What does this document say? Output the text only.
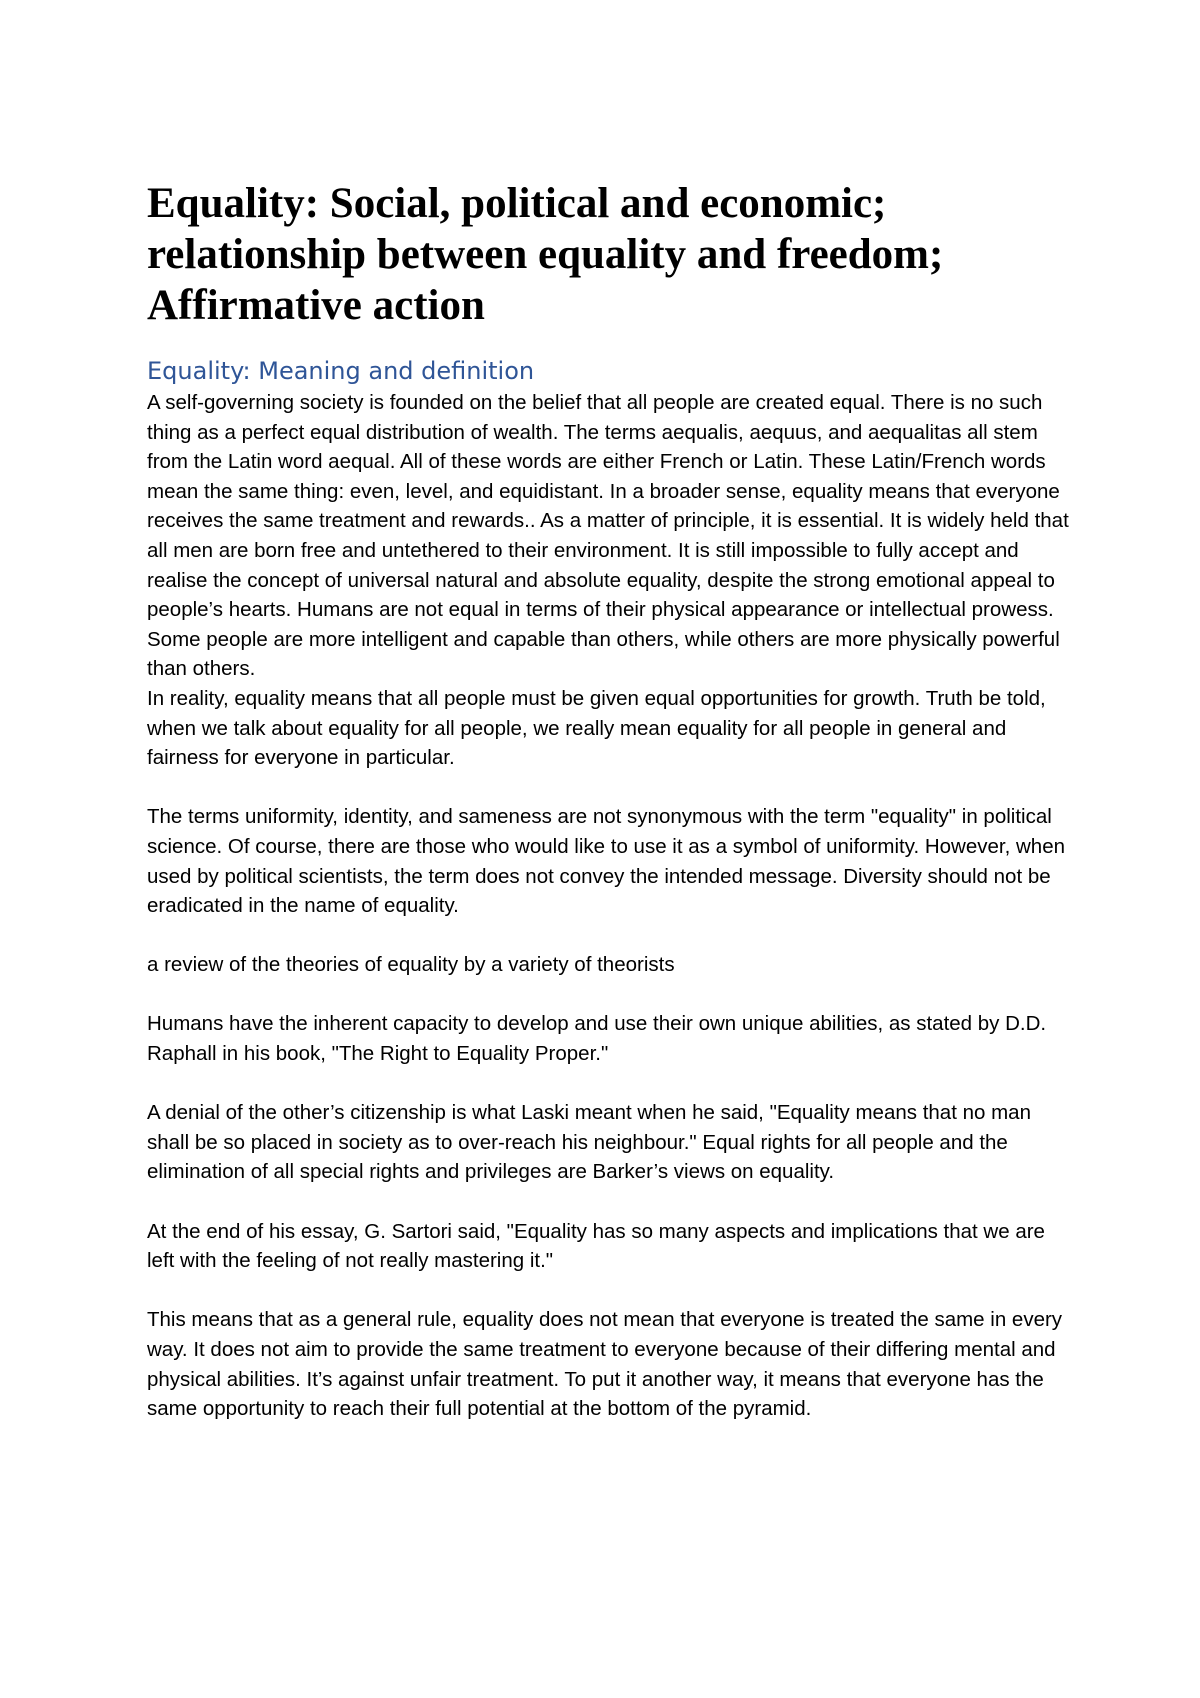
Equality: Social, political and economic; relationship between equality and freedom; Affirmative action
Equality: Meaning and definition

A self-governing society is founded on the belief that all people are created equal. There is no such thing as a perfect equal distribution of wealth. The terms aequalis, aequus, and aequalitas all stem from the Latin word aequal. All of these words are either French or Latin. These Latin/French words mean the same thing: even, level, and equidistant. In a broader sense, equality means that everyone receives the same treatment and rewards.. As a matter of principle, it is essential. It is widely held that all men are born free and untethered to their environment. It is still impossible to fully accept and realise the concept of universal natural and absolute equality, despite the strong emotional appeal to people’s hearts. Humans are not equal in terms of their physical appearance or intellectual prowess. Some people are more intelligent and capable than others, while others are more physically powerful than others.

In reality, equality means that all people must be given equal opportunities for growth. Truth be told, when we talk about equality for all people, we really mean equality for all people in general and fairness for everyone in particular.

The terms uniformity, identity, and sameness are not synonymous with the term "equality" in political science. Of course, there are those who would like to use it as a symbol of uniformity. However, when used by political scientists, the term does not convey the intended message. Diversity should not be eradicated in the name of equality.

a review of the theories of equality by a variety of theorists

Humans have the inherent capacity to develop and use their own unique abilities, as stated by D.D. Raphall in his book, "The Right to Equality Proper."

A denial of the other’s citizenship is what Laski meant when he said, "Equality means that no man shall be so placed in society as to over-reach his neighbour." Equal rights for all people and the elimination of all special rights and privileges are Barker’s views on equality.

At the end of his essay, G. Sartori said, "Equality has so many aspects and implications that we are left with the feeling of not really mastering it."

This means that as a general rule, equality does not mean that everyone is treated the same in every way. It does not aim to provide the same treatment to everyone because of their differing mental and physical abilities. It’s against unfair treatment. To put it another way, it means that everyone has the same opportunity to reach their full potential at the bottom of the pyramid.
